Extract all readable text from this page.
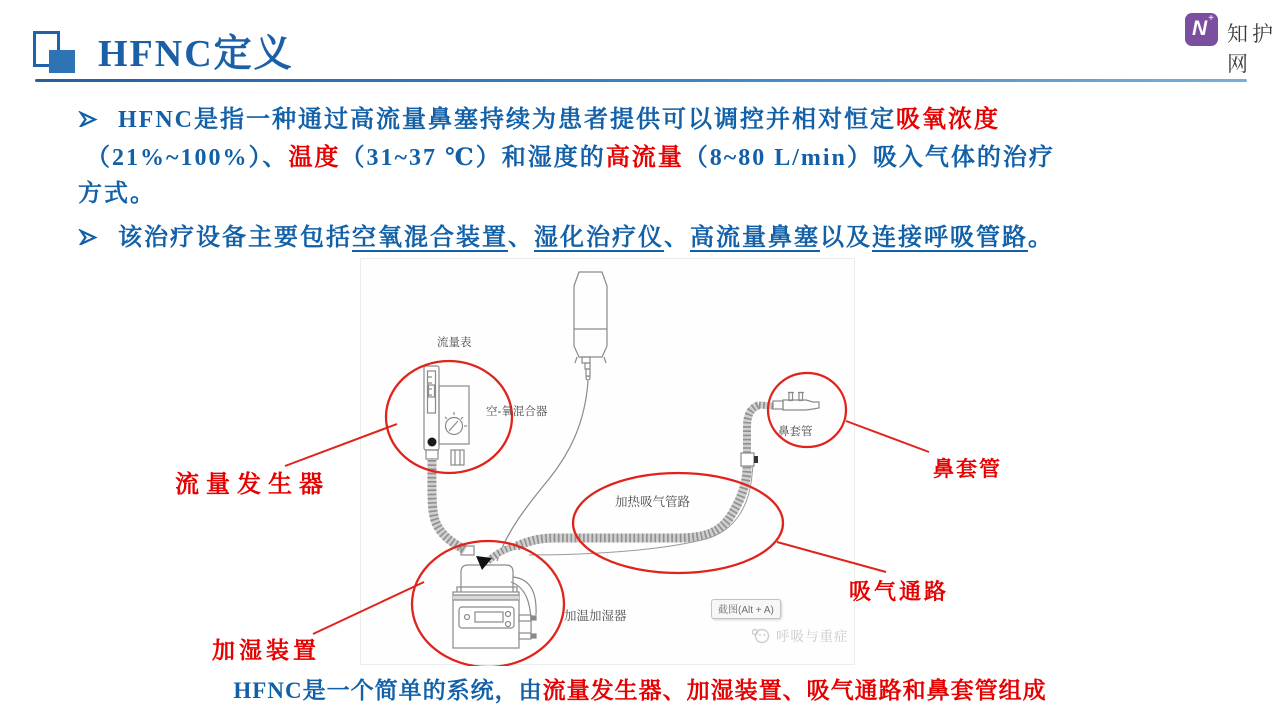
HFNC定义
N +
知护网
HFNC是指一种通过高流量鼻塞持续为患者提供可以调控并相对恒定吸氧浓度
（21%~100%）、温度（31~37 ℃）和湿度的高流量（8~80 L/min）吸入气体的治疗
方式。
该治疗设备主要包括空氧混合装置、湿化治疗仪、高流量鼻塞以及连接呼吸管路。
流量表
空-氧混合器
鼻套管
加热吸气管路
加温加湿器	截图(Alt + A)
呼吸与重症
流量发生器
加湿装置
鼻套管
吸气通路
HFNC是一个简单的系统，由流量发生器、加湿装置、吸气通路和鼻套管组成
